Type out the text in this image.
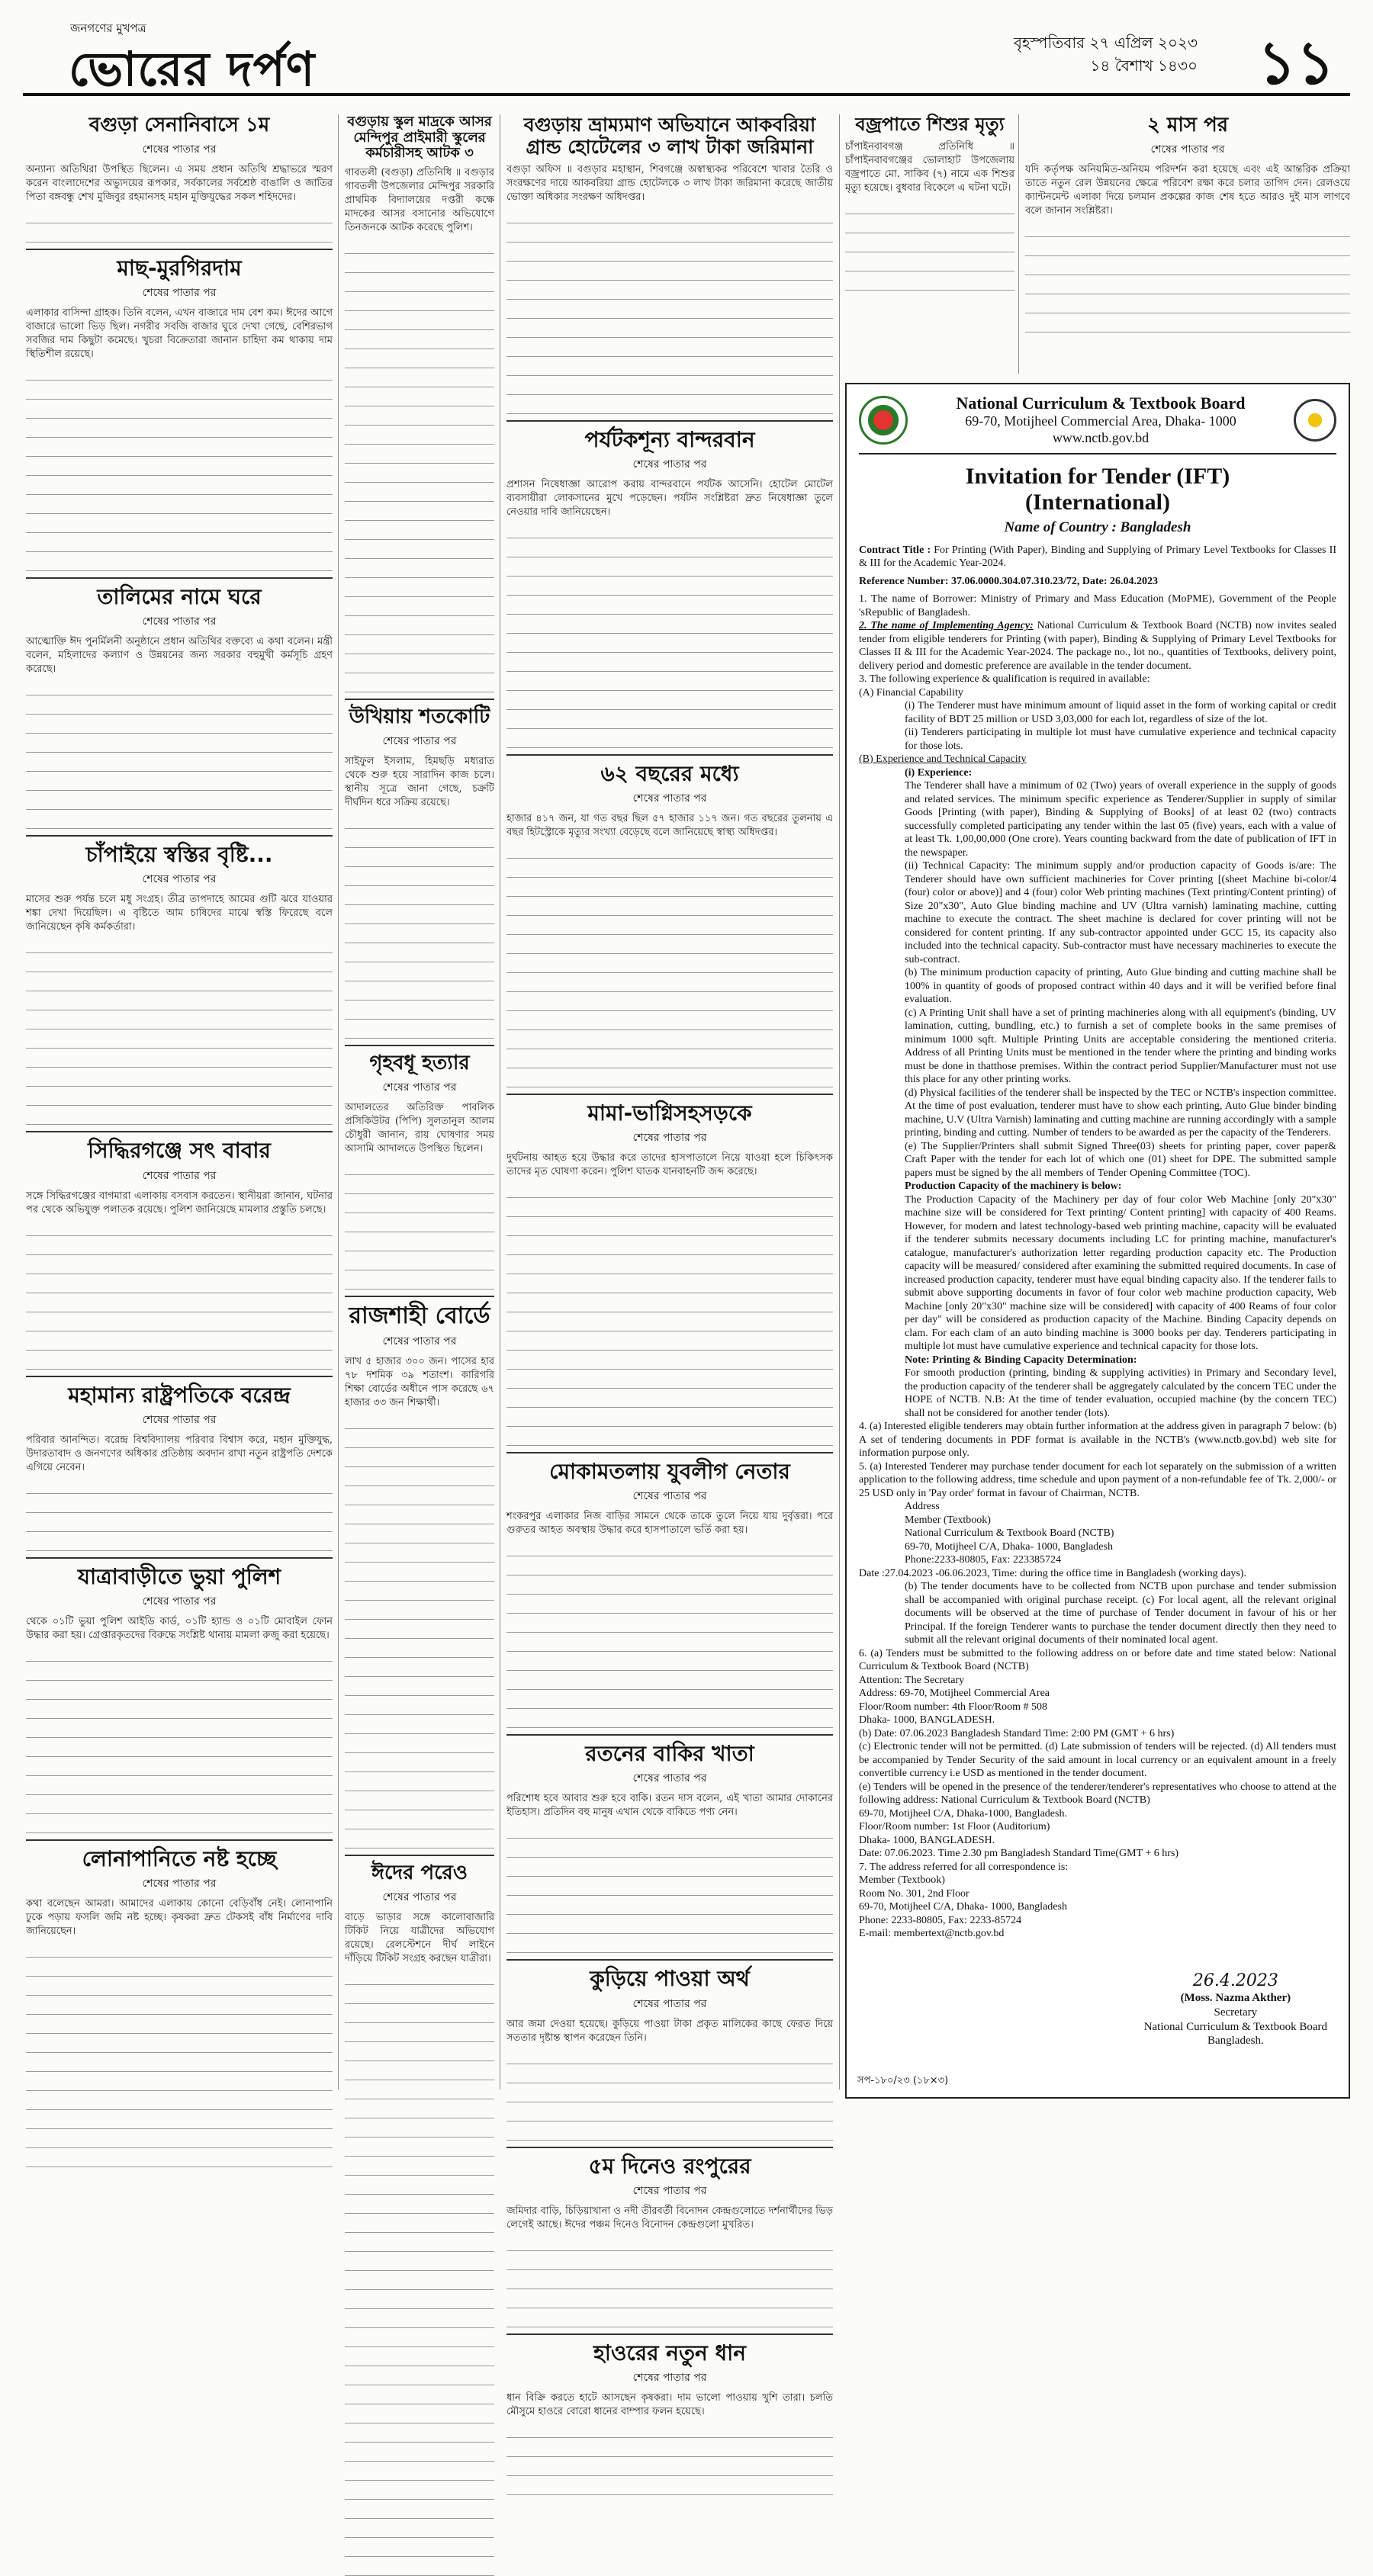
জনগণের মুখপত্র
ভোরের দর্পণ	বৃহস্পতিবার ২৭ এপ্রিল ২০২৩
১৪ বৈশাখ ১৪৩০ ১১
বগুড়া সেনানিবাসে ১ম
শেষের পাতার পর
অন্যান্য অতিথিরা উপস্থিত ছিলেন। এ সময় প্রধান অতিথি শ্রদ্ধাভরে স্মরণ করেন বাংলাদেশের অভ্যুদয়ের রূপকার, সর্বকালের সর্বশ্রেষ্ঠ বাঙালি ও জাতির পিতা বঙ্গবন্ধু শেখ মুজিবুর রহমানসহ মহান মুক্তিযুদ্ধের সকল শহিদদের।
মাছ-মুরগিরদাম
শেষের পাতার পর
এলাকার বাসিন্দা গ্রাহক। তিনি বলেন, এখন বাজারে দাম বেশ কম। ঈদের আগে বাজারে ভালো ভিড় ছিল। নগরীর সবজি বাজার ঘুরে দেখা গেছে, বেশিরভাগ সবজির দাম কিছুটা কমেছে। খুচরা বিক্রেতারা জানান চাহিদা কম থাকায় দাম স্থিতিশীল রয়েছে।
তালিমের নামে ঘরে
শেষের পাতার পর
আত্মোক্তি ঈদ পুনর্মিলনী অনুষ্ঠানে প্রধান অতিথির বক্তব্যে এ কথা বলেন। মন্ত্রী বলেন, মহিলাদের কল্যাণ ও উন্নয়নের জন্য সরকার বহুমুখী কর্মসূচি গ্রহণ করেছে।
চাঁপাইয়ে স্বস্তির বৃষ্টি...
শেষের পাতার পর
মাসের শুরু পর্যন্ত চলে মধু সংগ্রহ। তীব্র তাপদাহে আমের গুটি ঝরে যাওয়ার শঙ্কা দেখা দিয়েছিল। এ বৃষ্টিতে আম চাষিদের মাঝে স্বস্তি ফিরেছে বলে জানিয়েছেন কৃষি কর্মকর্তারা।
সিদ্ধিরগঞ্জে সৎ বাবার
শেষের পাতার পর
সঙ্গে সিদ্ধিরগঞ্জের বাগমারা এলাকায় বসবাস করতেন। স্থানীয়রা জানান, ঘটনার পর থেকে অভিযুক্ত পলাতক রয়েছে। পুলিশ জানিয়েছে মামলার প্রস্তুতি চলছে।
মহামান্য রাষ্ট্রপতিকে বরেন্দ্র
শেষের পাতার পর
পরিবার আনন্দিত। বরেন্দ্র বিশ্ববিদ্যালয় পরিবার বিশ্বাস করে, মহান মুক্তিযুদ্ধ, উদারতাবাদ ও জনগণের অধিকার প্রতিষ্ঠায় অবদান রাখা নতুন রাষ্ট্রপতি দেশকে এগিয়ে নেবেন।
যাত্রাবাড়ীতে ভুয়া পুলিশ
শেষের পাতার পর
থেকে ০১টি ভুয়া পুলিশ আইডি কার্ড, ০১টি হ্যান্ড ও ০১টি মোবাইল ফোন উদ্ধার করা হয়। গ্রেপ্তারকৃতদের বিরুদ্ধে সংশ্লিষ্ট থানায় মামলা রুজু করা হয়েছে।
লোনাপানিতে নষ্ট হচ্ছে
শেষের পাতার পর
কথা বলেছেন আমরা। আমাদের এলাকায় কোনো বেড়িবাঁধ নেই। লোনাপানি ঢুকে পড়ায় ফসলি জমি নষ্ট হচ্ছে। কৃষকরা দ্রুত টেকসই বাঁধ নির্মাণের দাবি জানিয়েছেন।
বগুড়ায় স্কুল মাদ্রকে আসর মেন্দিপুর প্রাইমারী স্কুলের কর্মচারীসহ আটক ৩
গাবতলী (বগুড়া) প্রতিনিধি ॥ বগুড়ার গাবতলী উপজেলার মেন্দিপুর সরকারি প্রাথমিক বিদ্যালয়ের দপ্তরী কক্ষে মাদকের আসর বসানোর অভিযোগে তিনজনকে আটক করেছে পুলিশ।
উখিয়ায় শতকোটি
শেষের পাতার পর
সাইফুল ইসলাম, হিমছড়ি মধ্যরাত থেকে শুরু হয়ে সারাদিন কাজ চলে। স্থানীয় সূত্রে জানা গেছে, চক্রটি দীর্ঘদিন ধরে সক্রিয় রয়েছে।
গৃহবধূ হত্যার
শেষের পাতার পর
আদালতের অতিরিক্ত পাবলিক প্রসিকিউটর (পিপি) সুলতানুল আলম চৌধুরী জানান, রায় ঘোষণার সময় আসামি আদালতে উপস্থিত ছিলেন।
রাজশাহী বোর্ডে
শেষের পাতার পর
লাখ ৫ হাজার ৩০০ জন। পাসের হার ৭৮ দশমিক ৩৯ শতাংশ। কারিগরি শিক্ষা বোর্ডের অধীনে পাস করেছে ৬৭ হাজার ৩৩ জন শিক্ষার্থী।
ঈদের পরেও
শেষের পাতার পর
বাড়ে ভাড়ার সঙ্গে কালোবাজারি টিকিট নিয়ে যাত্রীদের অভিযোগ রয়েছে। রেলস্টেশনে দীর্ঘ লাইনে দাঁড়িয়ে টিকিট সংগ্রহ করছেন যাত্রীরা।
বগুড়ায় ভ্রাম্যমাণ অভিযানে আকবরিয়া গ্রান্ড হোটেলের ৩ লাখ টাকা জরিমানা
বগুড়া অফিস ॥ বগুড়ার মহাস্থান, শিবগঞ্জে অস্বাস্থ্যকর পরিবেশে খাবার তৈরি ও সংরক্ষণের দায়ে আকবরিয়া গ্রান্ড হোটেলকে ৩ লাখ টাকা জরিমানা করেছে জাতীয় ভোক্তা অধিকার সংরক্ষণ অধিদপ্তর।
পর্যটকশূন্য বান্দরবান
শেষের পাতার পর
প্রশাসন নিষেধাজ্ঞা আরোপ করায় বান্দরবানে পর্যটক আসেনি। হোটেল মোটেল ব্যবসায়ীরা লোকসানের মুখে পড়েছেন। পর্যটন সংশ্লিষ্টরা দ্রুত নিষেধাজ্ঞা তুলে নেওয়ার দাবি জানিয়েছেন।
৬২ বছরের মধ্যে
শেষের পাতার পর
হাজার ৪১৭ জন, যা গত বছর ছিল ৫৭ হাজার ১১৭ জন। গত বছরের তুলনায় এ বছর হিটস্ট্রোকে মৃত্যুর সংখ্যা বেড়েছে বলে জানিয়েছে স্বাস্থ্য অধিদপ্তর।
মামা-ভাগ্নিসহসড়কে
শেষের পাতার পর
দুর্ঘটনায় আহত হয়ে উদ্ধার করে তাদের হাসপাতালে নিয়ে যাওয়া হলে চিকিৎসক তাদের মৃত ঘোষণা করেন। পুলিশ ঘাতক যানবাহনটি জব্দ করেছে।
মোকামতলায় যুবলীগ নেতার
শেষের পাতার পর
শংকরপুর এলাকার নিজ বাড়ির সামনে থেকে তাকে তুলে নিয়ে যায় দুর্বৃত্তরা। পরে গুরুতর আহত অবস্থায় উদ্ধার করে হাসপাতালে ভর্তি করা হয়।
রতনের বাকির খাতা
শেষের পাতার পর
পরিশোধ হবে আবার শুরু হবে বাকি। রতন দাস বলেন, এই খাতা আমার দোকানের ইতিহাস। প্রতিদিন বহু মানুষ এখান থেকে বাকিতে পণ্য নেন।
কুড়িয়ে পাওয়া অর্থ
শেষের পাতার পর
আর জমা দেওয়া হয়েছে। কুড়িয়ে পাওয়া টাকা প্রকৃত মালিকের কাছে ফেরত দিয়ে সততার দৃষ্টান্ত স্থাপন করেছেন তিনি।
৫ম দিনেও রংপুরের
শেষের পাতার পর
জমিদার বাড়ি, চিড়িয়াখানা ও নদী তীরবর্তী বিনোদন কেন্দ্রগুলোতে দর্শনার্থীদের ভিড় লেগেই আছে। ঈদের পঞ্চম দিনেও বিনোদন কেন্দ্রগুলো মুখরিত।
হাওরের নতুন ধান
শেষের পাতার পর
ধান বিক্রি করতে হাটে আসছেন কৃষকরা। দাম ভালো পাওয়ায় খুশি তারা। চলতি মৌসুমে হাওরে বোরো ধানের বাম্পার ফলন হয়েছে।
বজ্রপাতে শিশুর মৃত্যু
চাঁপাইনবাবগঞ্জ প্রতিনিধি ॥ চাঁপাইনবাবগঞ্জের ভোলাহাট উপজেলায় বজ্রপাতে মো. সাকিব (৭) নামে এক শিশুর মৃত্যু হয়েছে। বুধবার বিকেলে এ ঘটনা ঘটে।
২ মাস পর
শেষের পাতার পর
যদি কর্তৃপক্ষ অনিয়মিত-অনিয়ম পরিদর্শন করা হয়েছে এবং এই আন্তরিক প্রক্রিয়া তাতে নতুন রেল উন্নয়নের ক্ষেত্রে পরিবেশ রক্ষা করে চলার তাগিদ দেন। রেলওয়ে ক্যান্টনমেন্ট এলাকা দিয়ে চলমান প্রকল্পের কাজ শেষ হতে আরও দুই মাস লাগবে বলে জানান সংশ্লিষ্টরা।
National Curriculum & Textbook Board
69-70, Motijheel Commercial Area, Dhaka- 1000
www.nctb.gov.bd
Invitation for Tender (IFT)
(International)
Name of Country : Bangladesh
Contract Title : For Printing (With Paper), Binding and Supplying of Primary Level Textbooks for Classes II & III for the Academic Year-2024.
Reference Number: 37.06.0000.304.07.310.23/72, Date: 26.04.2023
1. The name of Borrower: Ministry of Primary and Mass Education (MoPME), Government of the People 'sRepublic of Bangladesh.
2. The name of Implementing Agency: National Curriculum & Textbook Board (NCTB) now invites sealed tender from eligible tenderers for Printing (with paper), Binding & Supplying of Primary Level Textbooks for Classes II & III for the Academic Year-2024. The package no., lot no., quantities of Textbooks, delivery point, delivery period and domestic preference are available in the tender document.
3. The following experience & qualification is required in available:
(A) Financial Capability
(i) The Tenderer must have minimum amount of liquid asset in the form of working capital or credit facility of BDT 25 million or USD 3,03,000 for each lot, regardless of size of the lot.
(ii) Tenderers participating in multiple lot must have cumulative experience and technical capacity for those lots.
(B) Experience and Technical Capacity
(i) Experience:
The Tenderer shall have a minimum of 02 (Two) years of overall experience in the supply of goods and related services. The minimum specific experience as Tenderer/Supplier in supply of similar Goods [Printing (with paper), Binding & Supplying of Books] of at least 02 (two) contracts successfully completed participating any tender within the last 05 (five) years, each with a value of at least Tk. 1,00,00,000 (One crore). Years counting backward from the date of publication of IFT in the newspaper.
(ii) Technical Capacity: The minimum supply and/or production capacity of Goods is/are: The Tenderer should have own sufficient machineries for Cover printing [(sheet Machine bi-color/4 (four) color or above)] and 4 (four) color Web printing machines (Text printing/Content printing) of Size 20"x30", Auto Glue binding machine and UV (Ultra varnish) laminating machine, cutting machine to execute the contract. The sheet machine is declared for cover printing will not be considered for content printing. If any sub-contractor appointed under GCC 15, its capacity also included into the technical capacity. Sub-contractor must have necessary machineries to execute the sub-contract.
(b) The minimum production capacity of printing, Auto Glue binding and cutting machine shall be 100% in quantity of goods of proposed contract within 40 days and it will be verified before final evaluation.
(c) A Printing Unit shall have a set of printing machineries along with all equipment's (binding, UV lamination, cutting, bundling, etc.) to furnish a set of complete books in the same premises of minimum 1000 sqft. Multiple Printing Units are acceptable considering the mentioned criteria. Address of all Printing Units must be mentioned in the tender where the printing and binding works must be done in thatthose premises. Within the contract period Supplier/Manufacturer must not use this place for any other printing works.
(d) Physical facilities of the tenderer shall be inspected by the TEC or NCTB's inspection committee. At the time of post evaluation, tenderer must have to show each printing, Auto Glue binder binding machine, U.V (Ultra Varnish) laminating and cutting machine are running accordingly with a sample printing, binding and cutting. Number of tenders to be awarded as per the capacity of the Tenderers.
(e) The Supplier/Printers shall submit Signed Three(03) sheets for printing paper, cover paper& Craft Paper with the tender for each lot of which one (01) sheet for DPE. The submitted sample papers must be signed by the all members of Tender Opening Committee (TOC).
Production Capacity of the machinery is below:
The Production Capacity of the Machinery per day of four color Web Machine [only 20"x30" machine size will be considered for Text printing/ Content printing] with capacity of 400 Reams. However, for modern and latest technology-based web printing machine, capacity will be evaluated if the tenderer submits necessary documents including LC for printing machine, manufacturer's catalogue, manufacturer's authorization letter regarding production capacity etc. The Production capacity will be measured/ considered after examining the submitted required documents. In case of increased production capacity, tenderer must have equal binding capacity also. If the tenderer fails to submit above supporting documents in favor of four color web machine production capacity, Web Machine [only 20"x30" machine size will be considered] with capacity of 400 Reams of four color per day" will be considered as production capacity of the Machine. Binding Capacity depends on clam. For each clam of an auto binding machine is 3000 books per day. Tenderers participating in multiple lot must have cumulative experience and technical capacity for those lots.
Note: Printing & Binding Capacity Determination:
For smooth production (printing, binding & supplying activities) in Primary and Secondary level, the production capacity of the tenderer shall be aggregately calculated by the concern TEC under the HOPE of NCTB. N.B: At the time of tender evaluation, occupied machine (by the concern TEC) shall not be considered for another tender (lots).
4. (a) Interested eligible tenderers may obtain further information at the address given in paragraph 7 below: (b) A set of tendering documents in PDF format is available in the NCTB's (www.nctb.gov.bd) web site for information purpose only.
5. (a) Interested Tenderer may purchase tender document for each lot separately on the submission of a written application to the following address, time schedule and upon payment of a non-refundable fee of Tk. 2,000/- or 25 USD only in 'Pay order' format in favour of Chairman, NCTB.
Address
Member (Textbook)
National Curriculum & Textbook Board (NCTB)
69-70, Motijheel C/A, Dhaka- 1000, Bangladesh
Phone:2233-80805, Fax: 223385724
Date :27.04.2023 -06.06.2023, Time: during the office time in Bangladesh (working days).
(b) The tender documents have to be collected from NCTB upon purchase and tender submission shall be accompanied with original purchase receipt. (c) For local agent, all the relevant original documents will be observed at the time of purchase of Tender document in favour of his or her Principal. If the foreign Tenderer wants to purchase the tender document directly then they need to submit all the relevant original documents of their nominated local agent.
6. (a) Tenders must be submitted to the following address on or before date and time stated below: National Curriculum & Textbook Board (NCTB)
Attention: The Secretary
Address: 69-70, Motijheel Commercial Area
Floor/Room number: 4th Floor/Room # 508
Dhaka- 1000, BANGLADESH.
(b) Date: 07.06.2023 Bangladesh Standard Time: 2:00 PM (GMT + 6 hrs)
(c) Electronic tender will not be permitted. (d) Late submission of tenders will be rejected. (d) All tenders must be accompanied by Tender Security of the said amount in local currency or an equivalent amount in a freely convertible currency i.e USD as mentioned in the tender document.
(e) Tenders will be opened in the presence of the tenderer/tenderer's representatives who choose to attend at the following address: National Curriculum & Textbook Board (NCTB)
69-70, Motijheel C/A, Dhaka-1000, Bangladesh.
Floor/Room number: 1st Floor (Auditorium)
Dhaka- 1000, BANGLADESH.
Date: 07.06.2023. Time 2.30 pm Bangladesh Standard Time(GMT + 6 hrs)
7. The address referred for all correspondence is:
Member (Textbook)
Room No. 301, 2nd Floor
69-70, Motijheel C/A, Dhaka- 1000, Bangladesh
Phone: 2233-80805, Fax: 2233-85724
E-mail: membertext@nctb.gov.bd
26.4.2023
(Moss. Nazma Akther)
Secretary
National Curriculum & Textbook Board
Bangladesh.
সপ-১৮০/২৩ (১৮×৩)
